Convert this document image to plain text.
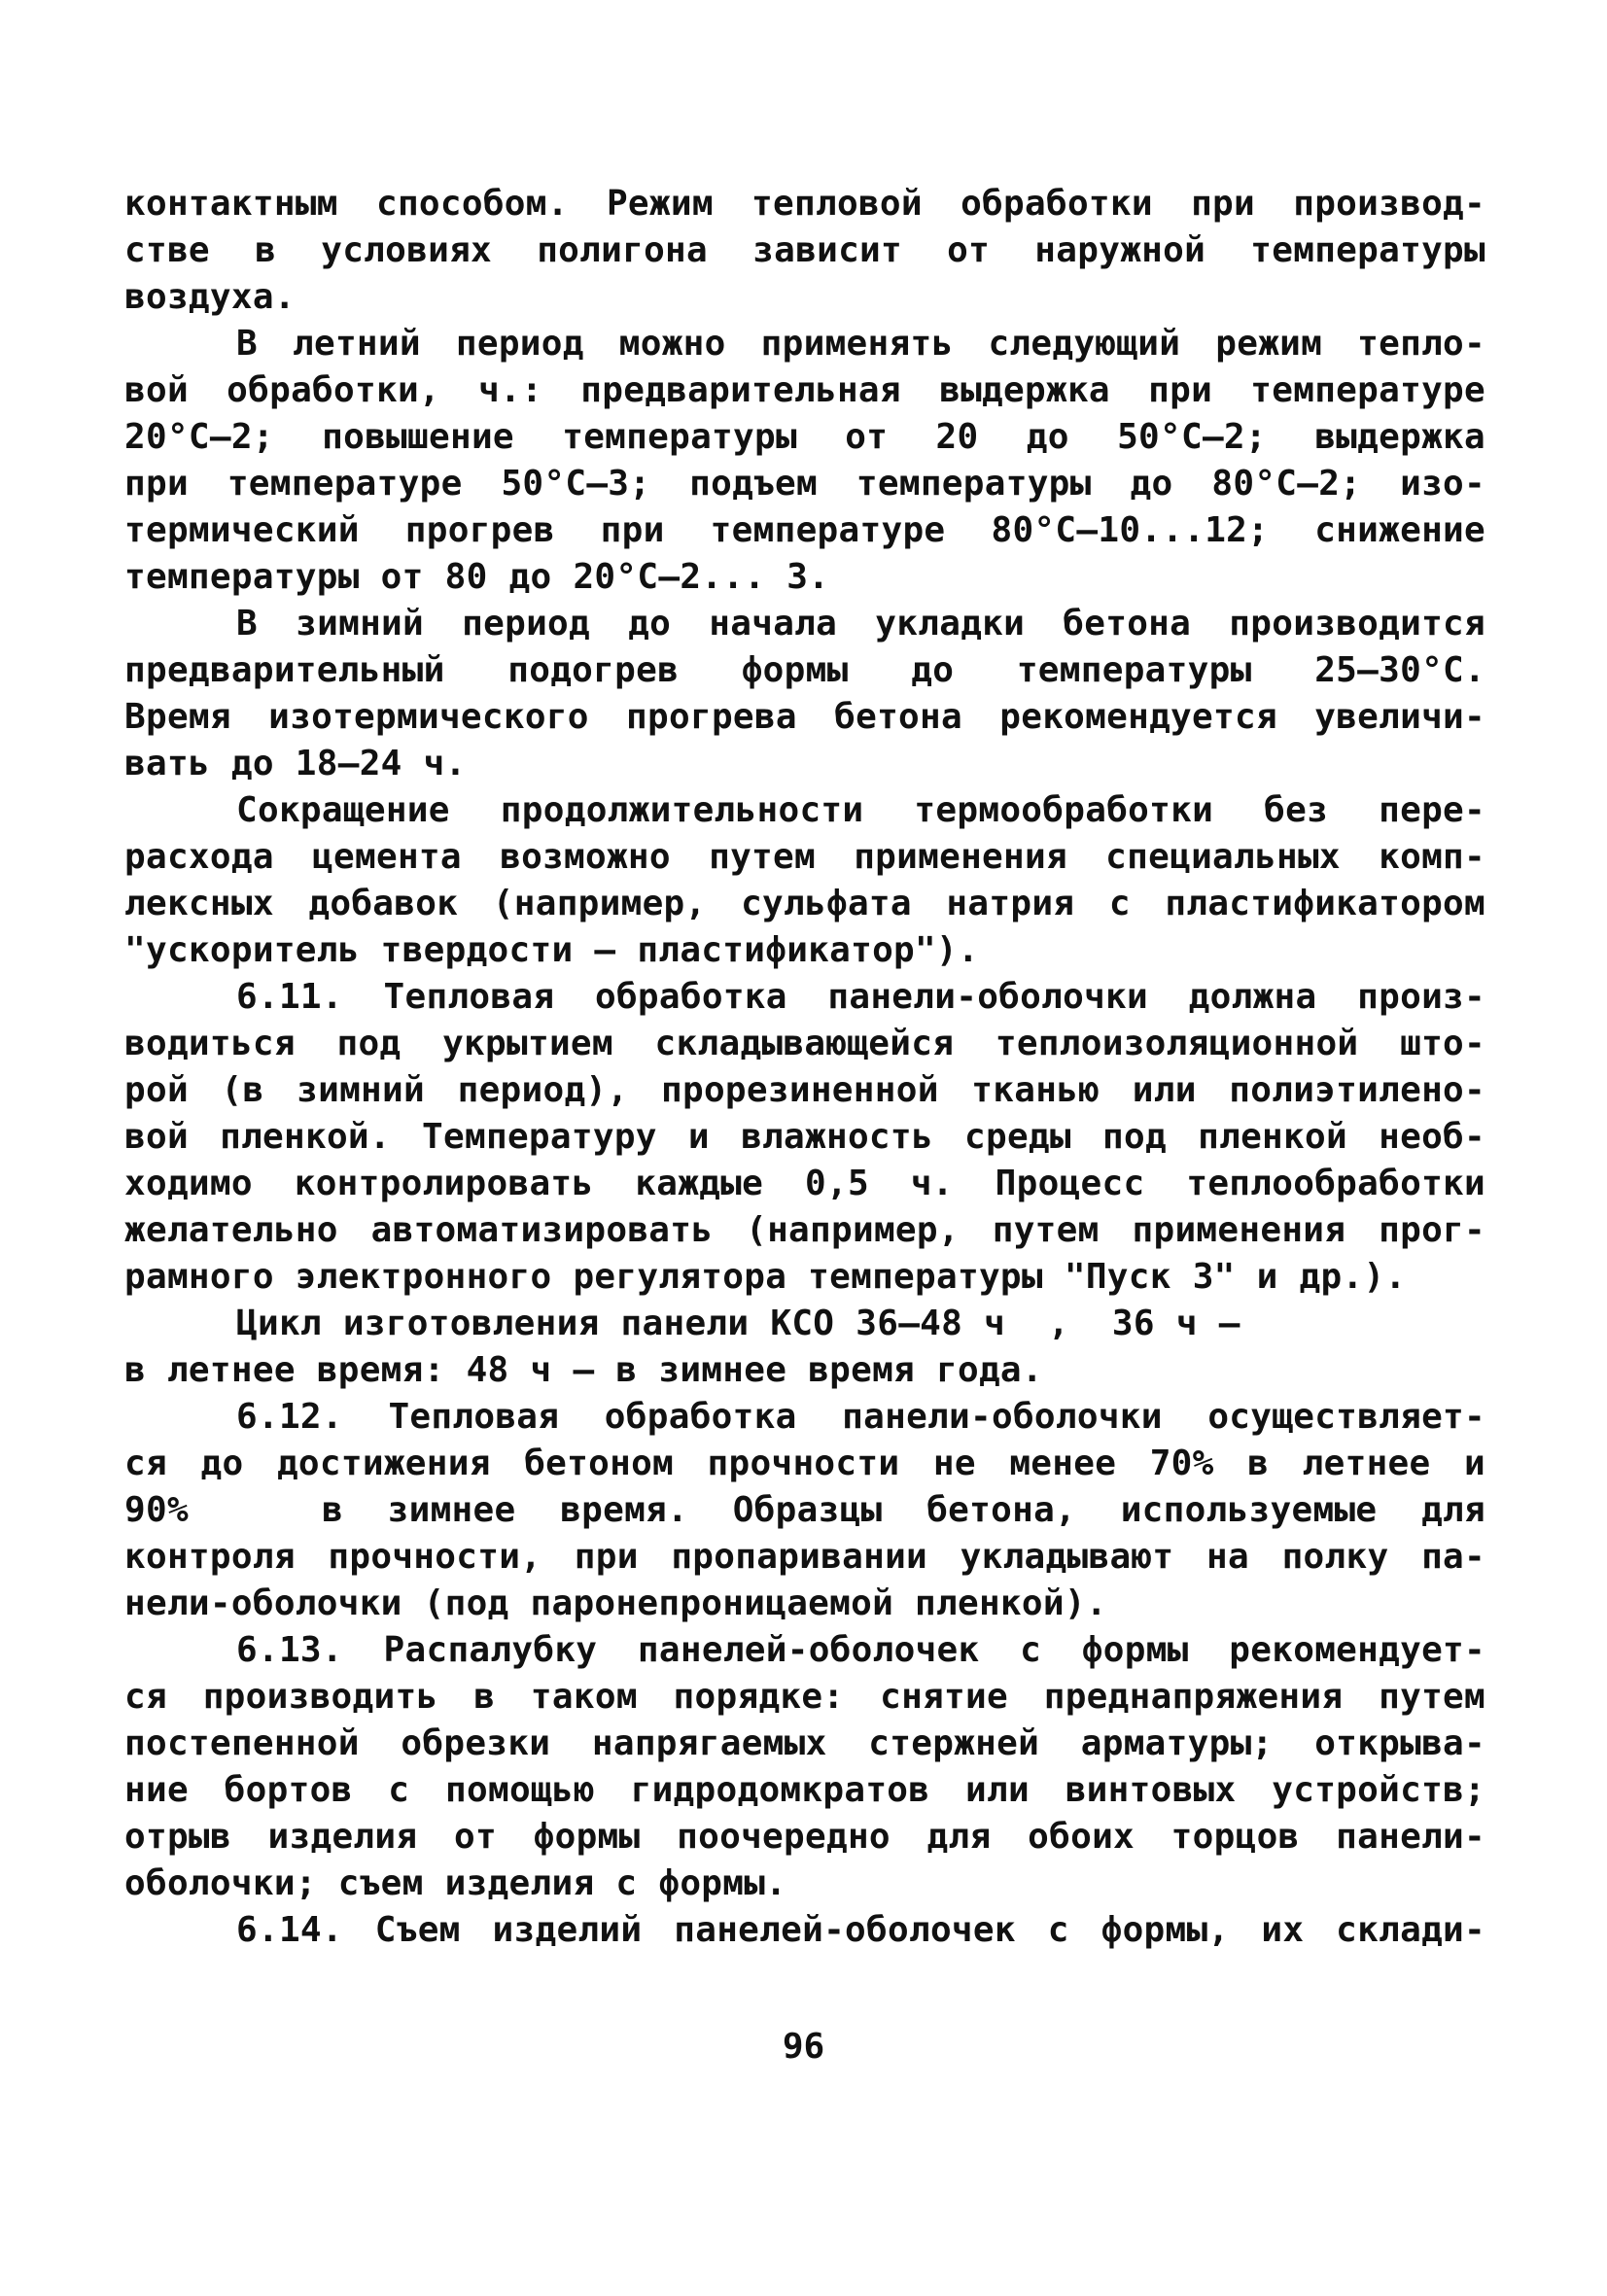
контактным способом. Режим тепловой обработки при производ-
стве в условиях полигона зависит от наружной температуры
воздуха.
В летний период можно применять следующий режим тепло-
вой обработки, ч.: предварительная выдержка при температуре
20°С–2; повышение температуры от 20 до 50°С–2; выдержка
при температуре 50°С–3; подъем температуры до 80°С–2; изо-
термический прогрев при температуре 80°С–10...12; снижение
температуры от 80 до 20°С–2... 3.
В зимний период до начала укладки бетона производится
предварительный подогрев формы до температуры 25–30°С.
Время изотермического прогрева бетона рекомендуется увеличи-
вать до 18–24 ч.
Сокращение продолжительности термообработки без пере-
расхода цемента возможно путем применения специальных комп-
лексных добавок (например, сульфата натрия с пластификатором
"ускоритель твердости – пластификатор").
6.11. Тепловая обработка панели-оболочки должна произ-
водиться под укрытием складывающейся теплоизоляционной што-
рой (в зимний период), прорезиненной тканью или полиэтилено-
вой пленкой. Температуру и влажность среды под пленкой необ-
ходимо контролировать каждые 0,5 ч. Процесс теплообработки
желательно автоматизировать (например, путем применения прог-
рамного электронного регулятора температуры "Пуск 3" и др.).
Цикл изготовления панели КСО 36–48 ч  ,  36 ч –
в летнее время: 48 ч – в зимнее время года.
6.12. Тепловая обработка панели-оболочки осуществляет-
ся до достижения бетоном прочности не менее 70% в летнее и
90%   в зимнее время. Образцы бетона, используемые для
контроля прочности, при пропаривании укладывают на полку па-
нели-оболочки (под паронепроницаемой пленкой).
6.13. Распалубку панелей-оболочек с формы рекомендует-
ся производить в таком порядке: снятие преднапряжения путем
постепенной обрезки напрягаемых стержней арматуры; открыва-
ние бортов с помощью гидродомкратов или винтовых устройств;
отрыв изделия от формы поочередно для обоих торцов панели-
оболочки; съем изделия с формы.
6.14. Съем изделий панелей-оболочек с формы, их склади-
96
